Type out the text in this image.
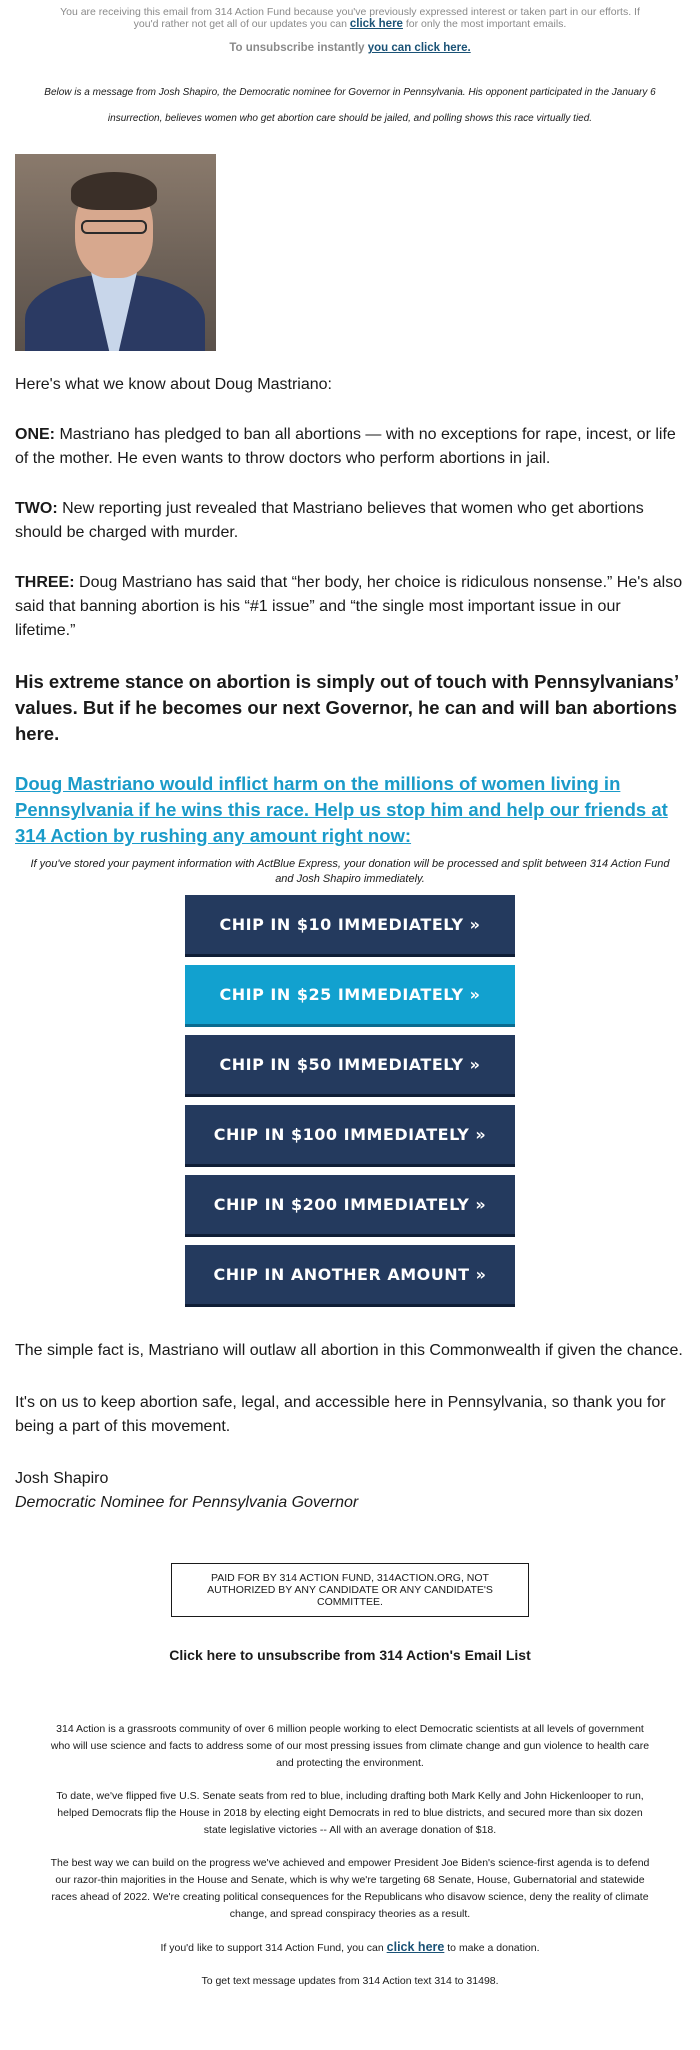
You are receiving this email from 314 Action Fund because you've previously expressed interest or taken part in our efforts. If you'd rather not get all of our updates you can click here for only the most important emails.
To unsubscribe instantly you can click here.
Below is a message from Josh Shapiro, the Democratic nominee for Governor in Pennsylvania. His opponent participated in the January 6 insurrection, believes women who get abortion care should be jailed, and polling shows this race virtually tied.
Here's what we know about Doug Mastriano:
ONE: Mastriano has pledged to ban all abortions — with no exceptions for rape, incest, or life of the mother. He even wants to throw doctors who perform abortions in jail.
TWO: New reporting just revealed that Mastriano believes that women who get abortions should be charged with murder.
THREE: Doug Mastriano has said that “her body, her choice is ridiculous nonsense.” He's also said that banning abortion is his “#1 issue” and “the single most important issue in our lifetime.”
His extreme stance on abortion is simply out of touch with Pennsylvanians’ values. But if he becomes our next Governor, he can and will ban abortions here.
Doug Mastriano would inflict harm on the millions of women living in Pennsylvania if he wins this race. Help us stop him and help our friends at 314 Action by rushing any amount right now:
If you've stored your payment information with ActBlue Express, your donation will be processed and split between 314 Action Fund and Josh Shapiro immediately.
CHIP IN $10 IMMEDIATELY »
CHIP IN $25 IMMEDIATELY »
CHIP IN $50 IMMEDIATELY »
CHIP IN $100 IMMEDIATELY »
CHIP IN $200 IMMEDIATELY »
CHIP IN ANOTHER AMOUNT »
The simple fact is, Mastriano will outlaw all abortion in this Commonwealth if given the chance.
It's on us to keep abortion safe, legal, and accessible here in Pennsylvania, so thank you for being a part of this movement.
Josh Shapiro
Democratic Nominee for Pennsylvania Governor
PAID FOR BY 314 ACTION FUND, 314ACTION.ORG, NOT AUTHORIZED BY ANY CANDIDATE OR ANY CANDIDATE'S COMMITTEE.
Click here to unsubscribe from 314 Action's Email List
314 Action is a grassroots community of over 6 million people working to elect Democratic scientists at all levels of government who will use science and facts to address some of our most pressing issues from climate change and gun violence to health care and protecting the environment.
To date, we've flipped five U.S. Senate seats from red to blue, including drafting both Mark Kelly and John Hickenlooper to run, helped Democrats flip the House in 2018 by electing eight Democrats in red to blue districts, and secured more than six dozen state legislative victories -- All with an average donation of $18.
The best way we can build on the progress we've achieved and empower President Joe Biden's science-first agenda is to defend our razor-thin majorities in the House and Senate, which is why we're targeting 68 Senate, House, Gubernatorial and statewide races ahead of 2022. We're creating political consequences for the Republicans who disavow science, deny the reality of climate change, and spread conspiracy theories as a result.
If you'd like to support 314 Action Fund, you can click here to make a donation.
To get text message updates from 314 Action text 314 to 31498.
